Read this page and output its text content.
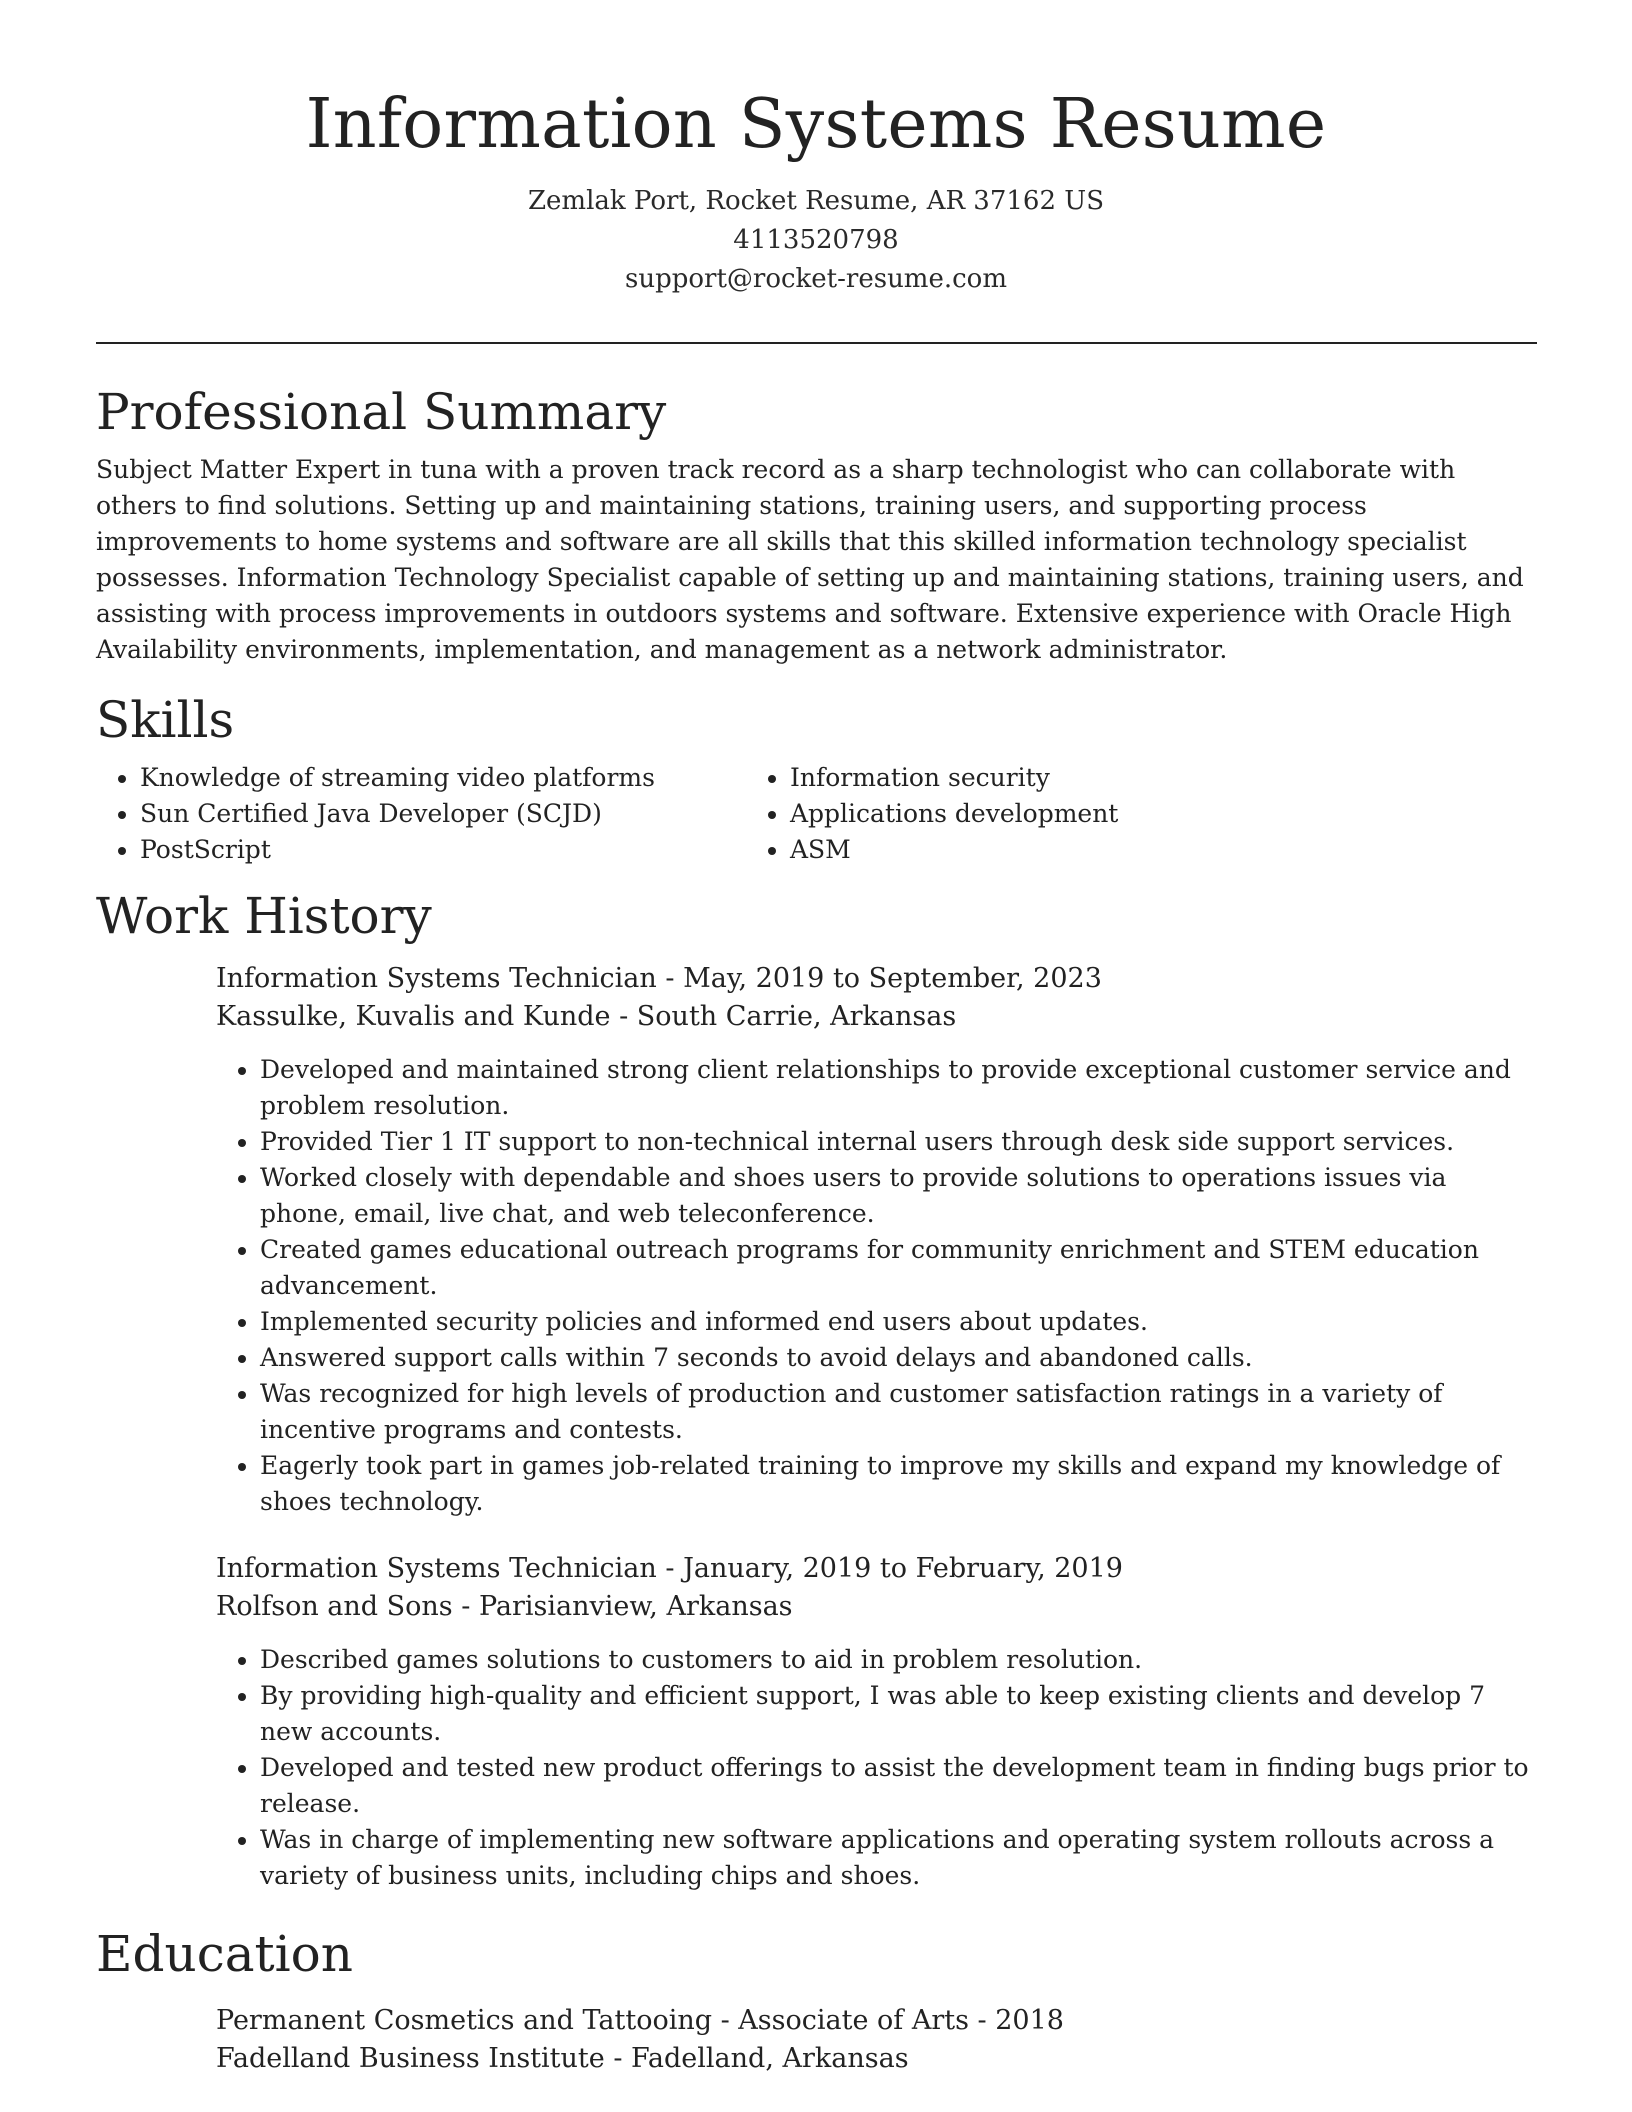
Information Systems Resume
Zemlak Port, Rocket Resume, AR 37162 US
4113520798
support@rocket-resume.com
Professional Summary

Subject Matter Expert in tuna with a proven track record as a sharp technologist who can collaborate with others to find solutions. Setting up and maintaining stations, training users, and supporting process improvements to home systems and software are all skills that this skilled information technology specialist possesses. Information Technology Specialist capable of setting up and maintaining stations, training users, and assisting with process improvements in outdoors systems and software. Extensive experience with Oracle High Availability environments, implementation, and management as a network administrator.

Skills
• Knowledge of streaming video platforms
• Sun Certified Java Developer (SCJD)
• PostScript
• Information security
• Applications development
• ASM
Work History
Information Systems Technician - May, 2019 to September, 2023
Kassulke, Kuvalis and Kunde - South Carrie, Arkansas
• Developed and maintained strong client relationships to provide exceptional customer service and problem resolution.
• Provided Tier 1 IT support to non-technical internal users through desk side support services.
• Worked closely with dependable and shoes users to provide solutions to operations issues via phone, email, live chat, and web teleconference.
• Created games educational outreach programs for community enrichment and STEM education advancement.
• Implemented security policies and informed end users about updates.
• Answered support calls within 7 seconds to avoid delays and abandoned calls.
• Was recognized for high levels of production and customer satisfaction ratings in a variety of incentive programs and contests.
• Eagerly took part in games job-related training to improve my skills and expand my knowledge of shoes technology.
Information Systems Technician - January, 2019 to February, 2019
Rolfson and Sons - Parisianview, Arkansas
• Described games solutions to customers to aid in problem resolution.
• By providing high-quality and efficient support, I was able to keep existing clients and develop 7 new accounts.
• Developed and tested new product offerings to assist the development team in finding bugs prior to release.
• Was in charge of implementing new software applications and operating system rollouts across a variety of business units, including chips and shoes.
Education
Permanent Cosmetics and Tattooing - Associate of Arts - 2018
Fadelland Business Institute - Fadelland, Arkansas
